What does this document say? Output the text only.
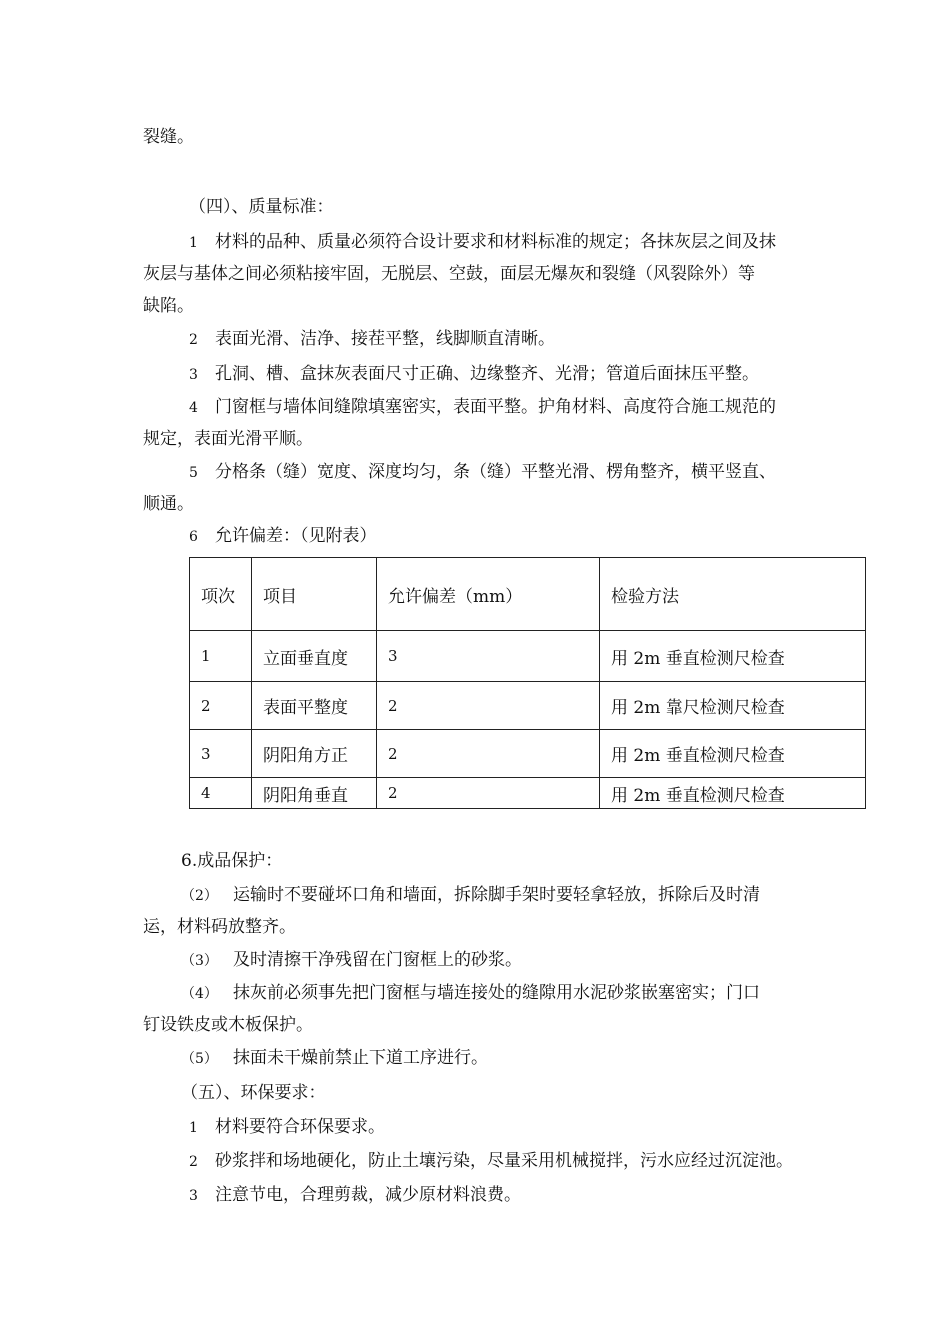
裂缝。
（四）、质量标准：
1 材料的品种、质量必须符合设计要求和材料标准的规定；各抹灰层之间及抹
灰层与基体之间必须粘接牢固，无脱层、空鼓，面层无爆灰和裂缝（风裂除外）等
缺陷。
2 表面光滑、洁净、接茬平整，线脚顺直清晰。
3 孔洞、槽、盒抹灰表面尺寸正确、边缘整齐、光滑；管道后面抹压平整。
4 门窗框与墙体间缝隙填塞密实，表面平整。护角材料、高度符合施工规范的
规定，表面光滑平顺。
5 分格条（缝）宽度、深度均匀，条（缝）平整光滑、楞角整齐，横平竖直、
顺通。
6 允许偏差：（见附表）
项次	项目	允许偏差（mm）	检验方法
1	立面垂直度	3	用 2m 垂直检测尺检查
2	表面平整度	2	用 2m 靠尺检测尺检查
3	阴阳角方正	2	用 2m 垂直检测尺检查
4	阴阳角垂直	2	用 2m 垂直检测尺检查
6.成品保护：
（2） 运输时不要碰坏口角和墙面，拆除脚手架时要轻拿轻放，拆除后及时清
运，材料码放整齐。
（3） 及时清擦干净残留在门窗框上的砂浆。
（4） 抹灰前必须事先把门窗框与墙连接处的缝隙用水泥砂浆嵌塞密实；门口
钉设铁皮或木板保护。
（5） 抹面未干燥前禁止下道工序进行。
（五）、环保要求：
1 材料要符合环保要求。
2 砂浆拌和场地硬化，防止土壤污染，尽量采用机械搅拌，污水应经过沉淀池。
3 注意节电，合理剪裁，减少原材料浪费。
